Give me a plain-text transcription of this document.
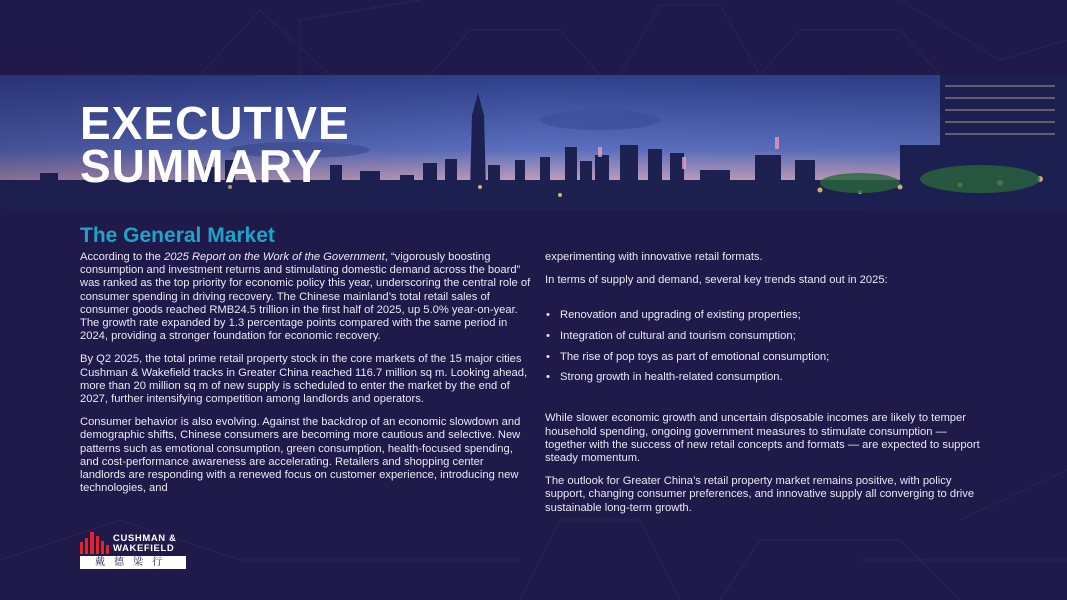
EXECUTIVE
SUMMARY
The General Market

According to the 2025 Report on the Work of the Government, “vigorously boosting consumption and investment returns and stimulating domestic demand across the board” was ranked as the top priority for economic policy this year, underscoring the central role of consumer spending in driving recovery. The Chinese mainland’s total retail sales of consumer goods reached RMB24.5 trillion in the first half of 2025, up 5.0% year-on-year. The growth rate expanded by 1.3 percentage points compared with the same period in 2024, providing a stronger foundation for economic recovery.

By Q2 2025, the total prime retail property stock in the core markets of the 15 major cities Cushman & Wakefield tracks in Greater China reached 116.7 million sq m. Looking ahead, more than 20 million sq m of new supply is scheduled to enter the market by the end of 2027, further intensifying competition among landlords and operators.

Consumer behavior is also evolving. Against the backdrop of an economic slowdown and demographic shifts, Chinese consumers are becoming more cautious and selective. New patterns such as emotional consumption, green consumption, health-focused spending, and cost-performance awareness are accelerating. Retailers and shopping center landlords are responding with a renewed focus on customer experience, introducing new technologies, and

experimenting with innovative retail formats.

In terms of supply and demand, several key trends stand out in 2025:

• Renovation and upgrading of existing properties;
• Integration of cultural and tourism consumption;
• The rise of pop toys as part of emotional consumption;
• Strong growth in health-related consumption.

While slower economic growth and uncertain disposable incomes are likely to temper household spending, ongoing government measures to stimulate consumption — together with the success of new retail concepts and formats — are expected to support steady momentum.

The outlook for Greater China’s retail property market remains positive, with policy support, changing consumer preferences, and innovative supply all converging to drive sustainable long-term growth.

CUSHMAN &
WAKEFIELD
戴德梁行
